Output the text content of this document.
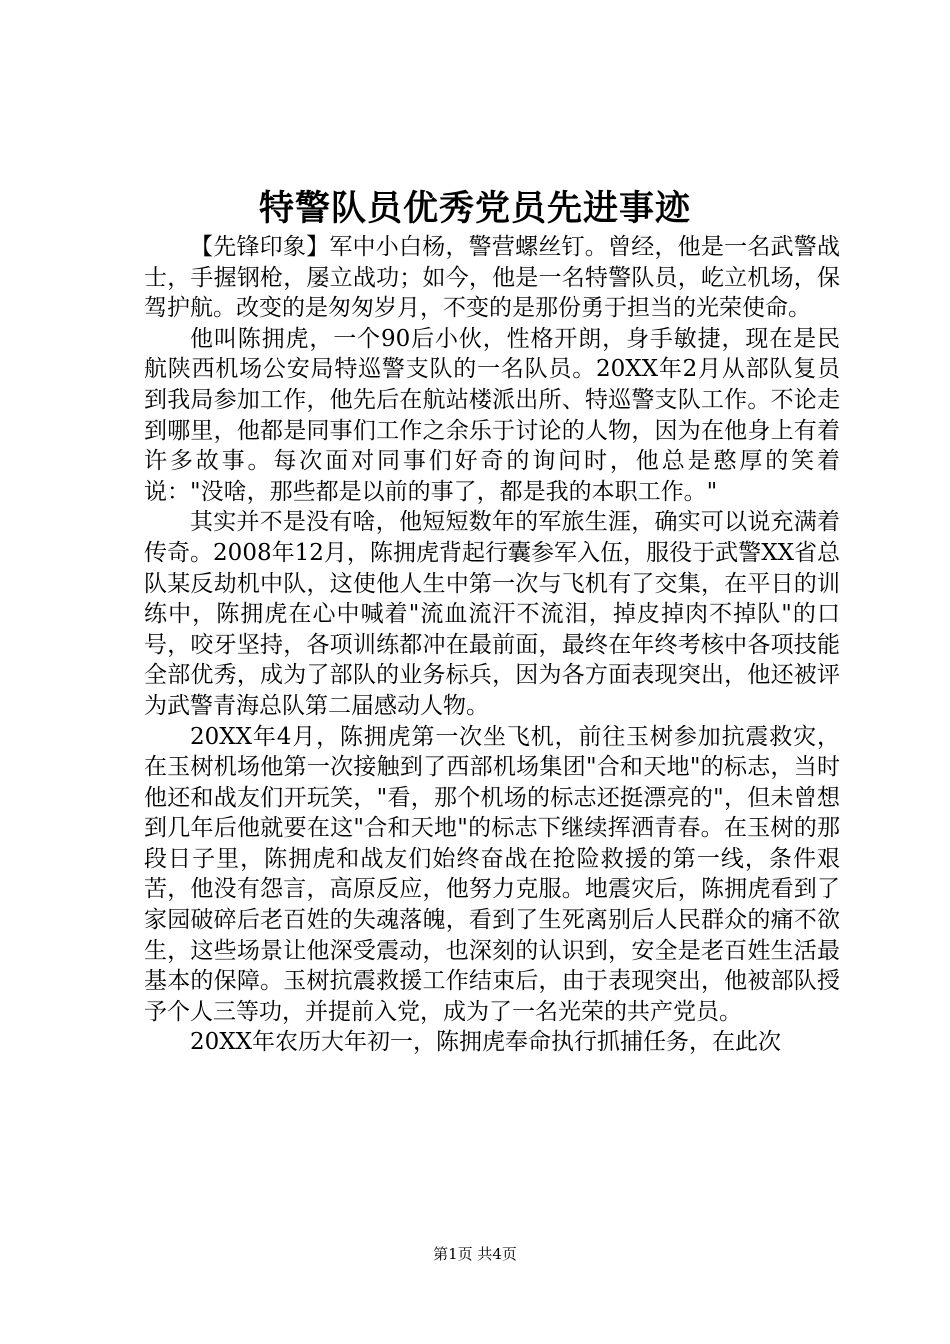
特警队员优秀党员先进事迹

【先锋印象】军中小白杨，警营螺丝钉。曾经，他是一名武警战士，手握钢枪，屡立战功；如今，他是一名特警队员，屹立机场，保驾护航。改变的是匆匆岁月，不变的是那份勇于担当的光荣使命。

他叫陈拥虎，一个90后小伙，性格开朗，身手敏捷，现在是民航陕西机场公安局特巡警支队的一名队员。20XX年2月从部队复员到我局参加工作，他先后在航站楼派出所、特巡警支队工作。不论走到哪里，他都是同事们工作之余乐于讨论的人物，因为在他身上有着许多故事。每次面对同事们好奇的询问时，他总是憨厚的笑着说："没啥，那些都是以前的事了，都是我的本职工作。"

其实并不是没有啥，他短短数年的军旅生涯，确实可以说充满着传奇。2008年12月，陈拥虎背起行囊参军入伍，服役于武警XX省总队某反劫机中队，这使他人生中第一次与飞机有了交集，在平日的训练中，陈拥虎在心中喊着"流血流汗不流泪，掉皮掉肉不掉队"的口号，咬牙坚持，各项训练都冲在最前面，最终在年终考核中各项技能全部优秀，成为了部队的业务标兵，因为各方面表现突出，他还被评为武警青海总队第二届感动人物。

20XX年4月，陈拥虎第一次坐飞机，前往玉树参加抗震救灾，在玉树机场他第一次接触到了西部机场集团"合和天地"的标志，当时他还和战友们开玩笑，"看，那个机场的标志还挺漂亮的"，但未曾想到几年后他就要在这"合和天地"的标志下继续挥洒青春。在玉树的那段日子里，陈拥虎和战友们始终奋战在抢险救援的第一线，条件艰苦，他没有怨言，高原反应，他努力克服。地震灾后，陈拥虎看到了家园破碎后老百姓的失魂落魄，看到了生死离别后人民群众的痛不欲生，这些场景让他深受震动，也深刻的认识到，安全是老百姓生活最基本的保障。玉树抗震救援工作结束后，由于表现突出，他被部队授予个人三等功，并提前入党，成为了一名光荣的共产党员。

20XX年农历大年初一，陈拥虎奉命执行抓捕任务，在此次

第1页 共4页
